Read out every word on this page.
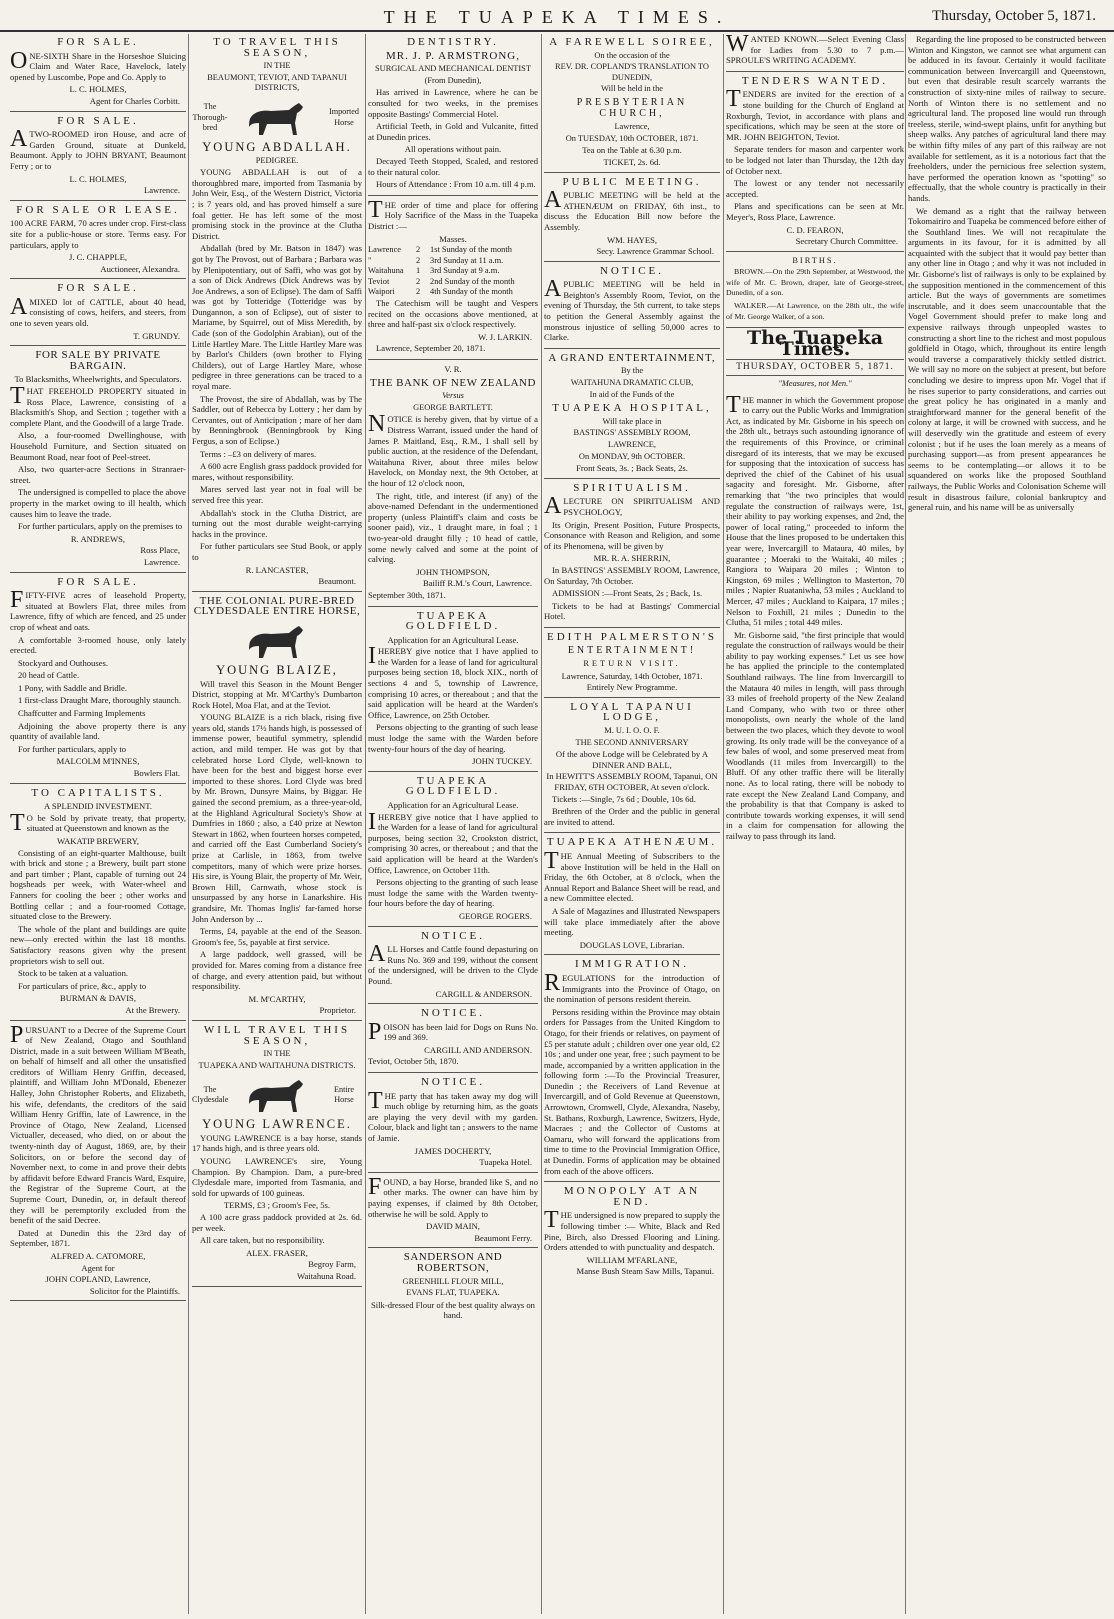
THE TUAPEKA TIMES.	Thursday, October 5, 1871.
FOR SALE.

ONE-SIXTH Share in the Horseshoe Sluicing Claim and Water Race, Havelock, lately opened by Luscombe, Pope and Co. Apply to

L. C. HOLMES,
Agent for Charles Corbitt.
FOR SALE.

ATWO-ROOMED iron House, and acre of Garden Ground, situate at Dunkeld, Beaumont. Apply to JOHN BRYANT, Beaumont Ferry ; or to

L. C. HOLMES,
Lawrence.
FOR SALE OR LEASE.

100 ACRE FARM, 70 acres under crop. First-class site for a public-house or store. Terms easy. For particulars, apply to

J. C. CHAPPLE,
Auctioneer, Alexandra.
FOR SALE.

AMIXED lot of CATTLE, about 40 head, consisting of cows, heifers, and steers, from one to seven years old.

T. GRUNDY.
FOR SALE BY PRIVATE BARGAIN.
To Blacksmiths, Wheelwrights, and Speculators.

THAT FREEHOLD PROPERTY situated in Ross Place, Lawrence, consisting of a Blacksmith's Shop, and Section ; together with a complete Plant, and the Goodwill of a large Trade.

Also, a four-roomed Dwellinghouse, with Household Furniture, and Section situated on Beaumont Road, near foot of Peel-street.

Also, two quarter-acre Sections in Stranraer-street.

The undersigned is compelled to place the above property in the market owing to ill health, which causes him to leave the trade.

For further particulars, apply on the premises to

R. ANDREWS,
Ross Place,
Lawrence.
FOR SALE.

FIFTY-FIVE acres of leasehold Property, situated at Bowlers Flat, three miles from Lawrence, fifty of which are fenced, and 25 under crop of wheat and oats.

A comfortable 3-roomed house, only lately erected.

Stockyard and Outhouses.

20 head of Cattle.

1 Pony, with Saddle and Bridle.

1 first-class Draught Mare, thoroughly staunch.

Chaffcutter and Farming Implements

Adjoining the above property there is any quantity of available land.

For further particulars, apply to

MALCOLM M'INNES,
Bowlers Flat.
TO CAPITALISTS.
A SPLENDID INVESTMENT.

TO be Sold by private treaty, that property, situated at Queenstown and known as the

WAKATIP BREWERY,

Consisting of an eight-quarter Malthouse, built with brick and stone ; a Brewery, built part stone and part timber ; Plant, capable of turning out 24 hogsheads per week, with Water-wheel and Fanners for cooling the beer ; other works and Bottling cellar ; and a four-roomed Cottage, situated close to the Brewery.

The whole of the plant and buildings are quite new—only erected within the last 18 months. Satisfactory reasons given why the present proprietors wish to sell out.

Stock to be taken at a valuation.

For particulars of price, &c., apply to

BURMAN & DAVIS,
At the Brewery.

PURSUANT to a Decree of the Supreme Court of New Zealand, Otago and Southland District, made in a suit between William M'Beath, on behalf of himself and all other the unsatisfied creditors of William Henry Griffin, deceased, plaintiff, and William John M'Donald, Ebenezer Halley, John Christopher Roberts, and Elizabeth, his wife, defendants, the creditors of the said William Henry Griffin, late of Lawrence, in the Province of Otago, New Zealand, Licensed Victualler, deceased, who died, on or about the twenty-ninth day of August, 1869, are, by their Solicitors, on or before the second day of November next, to come in and prove their debts by affidavit before Edward Francis Ward, Esquire, the Registrar of the Supreme Court, at the Supreme Court, Dunedin, or, in default thereof they will be peremptorily excluded from the benefit of the said Decree.

Dated at Dunedin this the 23rd day of September, 1871.

ALFRED A. CATOMORE,
Agent for
JOHN COPLAND, Lawrence,
Solicitor for the Plaintiffs.
TO TRAVEL THIS SEASON,
IN THE
BEAUMONT, TEVIOT, AND TAPANUI DISTRICTS,
The Thorough-bred
Imported Horse
YOUNG ABDALLAH.
PEDIGREE.

YOUNG ABDALLAH is out of a thoroughbred mare, imported from Tasmania by John Weir, Esq., of the Western District, Victoria ; is 7 years old, and has proved himself a sure foal getter. He has left some of the most promising stock in the province at the Clutha District.

Abdallah (bred by Mr. Batson in 1847) was got by The Provost, out of Barbara ; Barbara was by Plenipotentiary, out of Saffi, who was got by a son of Dick Andrews (Dick Andrews was by Joe Andrews, a son of Eclipse). The dam of Saffi was got by Totteridge (Totteridge was by Dungannon, a son of Eclipse), out of sister to Mariame, by Squirrel, out of Miss Meredith, by Cade (son of the Godolphin Arabian), out of the Little Hartley Mare. The Little Hartley Mare was by Barlot's Childers (own brother to Flying Childers), out of Large Hartley Mare, whose pedigree in three generations can be traced to a royal mare.

The Provost, the sire of Abdallah, was by The Saddler, out of Rebecca by Lottery ; her dam by Cervantes, out of Anticipation ; mare of her dam by Benningbrook (Benningbrook by King Fergus, a son of Eclipse.)

Terms : –£3 on delivery of mares.

A 600 acre English grass paddock provided for mares, without responsibility.

Mares served last year not in foal will be served free this year.

Abdallah's stock in the Clutha District, are turning out the most durable weight-carrying hacks in the province.

For futher particulars see Stud Book, or apply to

R. LANCASTER,
Beaumont.
THE COLONIAL PURE-BRED CLYDESDALE ENTIRE HORSE,
YOUNG BLAIZE,

Will travel this Season in the Mount Benger District, stopping at Mr. M'Carthy's Dumbarton Rock Hotel, Moa Flat, and at the Teviot.

YOUNG BLAIZE is a rich black, rising five years old, stands 17½ hands high, is possessed of immense power, beautiful symmetry, splendid action, and mild temper. He was got by that celebrated horse Lord Clyde, well-known to have been for the best and biggest horse ever imported to these shores. Lord Clyde was bred by Mr. Brown, Dunsyre Mains, by Biggar. He gained the second premium, as a three-year-old, at the Highland Agricultural Society's Show at Dumfries in 1860 ; also, a £40 prize at Newton Stewart in 1862, when fourteen horses competed, and carried off the East Cumberland Society's prize at Carlisle, in 1863, from twelve competitors, many of which were prize horses. His sire, is Young Blair, the property of Mr. Weir, Brown Hill, Carnwath, whose stock is unsurpassed by any horse in Lanarkshire. His grandsire, Mr. Thomas Inglis' far-famed horse John Anderson by ...

Terms, £4, payable at the end of the Season. Groom's fee, 5s, payable at first service.

A large paddock, well grassed, will be provided for. Mares coming from a distance free of charge, and every attention paid, but without responsibility.

M. M'CARTHY,
Proprietor.
WILL TRAVEL THIS SEASON,
IN THE
TUAPEKA AND WAITAHUNA DISTRICTS.
The Clydesdale
Entire Horse
YOUNG LAWRENCE.

YOUNG LAWRENCE is a bay horse, stands 17 hands high, and is three years old.

YOUNG LAWRENCE's sire, Young Champion. By Champion. Dam, a pure-bred Clydesdale mare, imported from Tasmania, and sold for upwards of 100 guineas.

TERMS, £3 ; Groom's Fee, 5s.

A 100 acre grass paddock provided at 2s. 6d. per week.

All care taken, but no responsibility.

ALEX. FRASER,
Begroy Farm,
Waitahuna Road.
DENTISTRY.
MR. J. P. ARMSTRONG,
SURGICAL AND MECHANICAL DENTIST
(From Dunedin),

Has arrived in Lawrence, where he can be consulted for two weeks, in the premises opposite Bastings' Commercial Hotel.

Artificial Teeth, in Gold and Vulcanite, fitted at Dunedin prices.

All operations without pain.

Decayed Teeth Stopped, Scaled, and restored to their natural color.

Hours of Attendance : From 10 a.m. till 4 p.m.

THE order of time and place for offering Holy Sacrifice of the Mass in the Tuapeka District :—

Masses.
Lawrence	2	1st Sunday of the month
"	2	3rd Sunday at 11 a.m.
Waitahuna	1	3rd Sunday at 9 a.m.
Teviot	2	2nd Sunday of the month
Waipori	2	4th Sunday of the month

The Catechism will be taught and Vespers recited on the occasions above mentioned, at three and half-past six o'clock respectively.

W. J. LARKIN.

Lawrence, September 20, 1871.

V. R.
THE BANK OF NEW ZEALAND
Versus
GEORGE BARTLETT.

NOTICE is hereby given, that by virtue of a Distress Warrant, issued under the hand of James P. Maitland, Esq., R.M., I shall sell by public auction, at the residence of the Defendant, Waitahuna River, about three miles below Havelock, on Monday next, the 9th October, at the hour of 12 o'clock noon,

The right, title, and interest (if any) of the above-named Defendant in the undermentioned property (unless Plaintiff's claim and costs be sooner paid), viz., 1 draught mare, in foal ; 1 two-year-old draught filly ; 10 head of cattle, some newly calved and some at the point of calving.

JOHN THOMPSON,
Bailiff R.M.'s Court, Lawrence.

September 30th, 1871.

TUAPEKA GOLDFIELD.
Application for an Agricultural Lease.

IHEREBY give notice that I have applied to the Warden for a lease of land for agricultural purposes being section 18, block XIX., north of sections 4 and 5, township of Lawrence, comprising 10 acres, or thereabout ; and that the said application will be heard at the Warden's Office, Lawrence, on 25th October.

Persons objecting to the granting of such lease must lodge the same with the Warden before twenty-four hours of the day of hearing.

JOHN TUCKEY.
TUAPEKA GOLDFIELD.
Application for an Agricultural Lease.

IHEREBY give notice that I have applied to the Warden for a lease of land for agricultural purposes, being section 32, Crookston district, comprising 30 acres, or thereabout ; and that the said application will be heard at the Warden's Office, Lawrence, on October 11th.

Persons objecting to the granting of such lease must lodge the same with the Warden twenty-four hours before the day of hearing.

GEORGE ROGERS.
NOTICE.

ALL Horses and Cattle found depasturing on Runs No. 369 and 199, without the consent of the undersigned, will be driven to the Clyde Pound.

CARGILL & ANDERSON.
NOTICE.

POISON has been laid for Dogs on Runs No. 199 and 369.

CARGILL AND ANDERSON.

Teviot, October 5th, 1870.

NOTICE.

THE party that has taken away my dog will much oblige by returning him, as the goats are playing the very devil with my garden. Colour, black and light tan ; answers to the name of Jamie.

JAMES DOCHERTY,
Tuapeka Hotel.

FOUND, a bay Horse, branded like S, and no other marks. The owner can have him by paying expenses, if claimed by 8th October, otherwise he will be sold. Apply to

DAVID MAIN,
Beaumont Ferry.
SANDERSON AND ROBERTSON,
GREENHILL FLOUR MILL,
EVANS FLAT, TUAPEKA.
Silk-dressed Flour of the best quality always on hand.
A FAREWELL SOIREE,
On the occasion of the
REV. DR. COPLAND'S TRANSLATION TO DUNEDIN,
Will be held in the
PRESBYTERIAN CHURCH,
Lawrence,
On TUESDAY, 10th OCTOBER, 1871.
Tea on the Table at 6.30 p.m.
TICKET, 2s. 6d.
PUBLIC MEETING.

APUBLIC MEETING will be held at the ATHENÆUM on FRIDAY, 6th inst., to discuss the Education Bill now before the Assembly.

WM. HAYES,
Secy. Lawrence Grammar School.
NOTICE.

APUBLIC MEETING will be held in Beighton's Assembly Room, Teviot, on the evening of Thursday, the 5th current, to take steps to petition the General Assembly against the monstrous injustice of selling 50,000 acres to Clarke.

A GRAND ENTERTAINMENT,
By the
WAITAHUNA DRAMATIC CLUB,
In aid of the Funds of the
TUAPEKA HOSPITAL,
Will take place in
BASTINGS' ASSEMBLY ROOM,
LAWRENCE,
On MONDAY, 9th OCTOBER.
Front Seats, 3s. ; Back Seats, 2s.
SPIRITUALISM.

ALECTURE ON SPIRITUALISM AND PSYCHOLOGY,

Its Origin, Present Position, Future Prospects, Consonance with Reason and Religion, and some of its Phenomena, will be given by

MR. R. A. SHERRIN,

In BASTINGS' ASSEMBLY ROOM, Lawrence, On Saturday, 7th October.

ADMISSION :—Front Seats, 2s ; Back, 1s.

Tickets to be had at Bastings' Commercial Hotel.

EDITH PALMERSTON'S
ENTERTAINMENT!
RETURN VISIT.
Lawrence, Saturday, 14th October, 1871.
Entirely New Programme.
LOYAL TAPANUI LODGE,
M. U. I. O. O. F.
THE SECOND ANNIVERSARY
Of the above Lodge will be Celebrated by A DINNER AND BALL,
In HEWITT'S ASSEMBLY ROOM, Tapanui, ON FRIDAY, 6TH OCTOBER, At seven o'clock.

Tickets :—Single, 7s 6d ; Double, 10s 6d.

Brethren of the Order and the public in general are invited to attend.

TUAPEKA ATHENÆUM.

THE Annual Meeting of Subscribers to the above Institution will be held in the Hall on Friday, the 6th October, at 8 o'clock, when the Annual Report and Balance Sheet will be read, and a new Committee elected.

A Sale of Magazines and Illustrated Newspapers will take place immediately after the above meeting.

DOUGLAS LOVE, Librarian.
IMMIGRATION.

REGULATIONS for the introduction of Immigrants into the Province of Otago, on the nomination of persons resident therein.

Persons residing within the Province may obtain orders for Passages from the United Kingdom to Otago, for their friends or relatives, on payment of £5 per statute adult ; children over one year old, £2 10s ; and under one year, free ; such payment to be made, accompanied by a written application in the following form :—To the Provincial Treasurer, Dunedin ; the Receivers of Land Revenue at Invercargill, and of Gold Revenue at Queenstown, Arrowtown, Cromwell, Clyde, Alexandra, Naseby, St. Bathans, Roxburgh, Lawrence, Switzers, Hyde, Macraes ; and the Collector of Customs at Oamaru, who will forward the applications from time to time to the Provincial Immigration Office, at Dunedin. Forms of application may be obtained from each of the above officers.

MONOPOLY AT AN END.

THE undersigned is now prepared to supply the following timber :— White, Black and Red Pine, Birch, also Dressed Flooring and Lining. Orders attended to with punctuality and despatch.

WILLIAM M'FARLANE,
Manse Bush Steam Saw Mills, Tapanui.

WANTED KNOWN.—Select Evening Class for Ladies from 5.30 to 7 p.m.—SPROULE'S WRITING ACADEMY.

TENDERS WANTED.

TENDERS are invited for the erection of a stone building for the Church of England at Roxburgh, Teviot, in accordance with plans and specifications, which may be seen at the store of MR. JOHN BEIGHTON, Teviot.

Separate tenders for mason and carpenter work to be lodged not later than Thursday, the 12th day of October next.

The lowest or any tender not necessarily accepted.

Plans and specifications can be seen at Mr. Meyer's, Ross Place, Lawrence.

C. D. FEARON,
Secretary Church Committee.
BIRTHS.

BROWN.—On the 29th September, at Westwood, the wife of Mr. C. Brown, draper, late of George-street, Dunedin, of a son.

WALKER.—At Lawrence, on the 28th ult., the wife of Mr. George Walker, of a son.

The Tuapeka Times.
THURSDAY, OCTOBER 5, 1871.
"Measures, not Men."

THE manner in which the Government propose to carry out the Public Works and Immigration Act, as indicated by Mr. Gisborne in his speech on the 28th ult., betrays such astounding ignorance of the requirements of this Province, or criminal disregard of its interests, that we may be excused for supposing that the intoxication of success has deprived the chief of the Cabinet of his usual sagacity and foresight. Mr. Gisborne, after remarking that "the two principles that would regulate the construction of railways were, 1st, their ability to pay working expenses, and 2nd, the power of local rating," proceeded to inform the House that the lines proposed to be undertaken this year were, Invercargill to Mataura, 40 miles, by guarantee ; Moeraki to the Waitaki, 40 miles ; Rangiora to Waipara 20 miles ; Winton to Kingston, 69 miles ; Wellington to Masterton, 70 miles ; Napier Ruataniwha, 53 miles ; Auckland to Mercer, 47 miles ; Auckland to Kaipara, 17 miles ; Nelson to Foxhill, 21 miles ; Dunedin to the Clutha, 51 miles ; total 449 miles.

Mr. Gisborne said, "the first principle that would regulate the construction of railways would be their ability to pay working expenses." Let us see how he has applied the principle to the contemplated Southland railways. The line from Invercargill to the Mataura 40 miles in length, will pass through 33 miles of freehold property of the New Zealand Land Company, who with two or three other monopolists, own nearly the whole of the land between the two places, which they devote to wool growing. Its only trade will be the conveyance of a few bales of wool, and some preserved meat from Woodlands (11 miles from Invercargill) to the Bluff. Of any other traffic there will be literally none. As to local rating, there will be nobody to rate except the New Zealand Land Company, and the probability is that that Company is asked to contribute towards working expenses, it will send in a claim for compensation for allowing the railway to pass through its land.

Regarding the line proposed to be constructed between Winton and Kingston, we cannot see what argument can be adduced in its favour. Certainly it would facilitate communication between Invercargill and Queenstown, but even that desirable result scarcely warrants the construction of sixty-nine miles of railway to secure. North of Winton there is no settlement and no agricultural land. The proposed line would run through treeless, sterile, wind-swept plains, unfit for anything but sheep walks. Any patches of agricultural land there may be within fifty miles of any part of this railway are not available for settlement, as it is a notorious fact that the freeholders, under the pernicious free selection system, have performed the operation known as "spotting" so effectually, that the whole country is practically in their hands.

We demand as a right that the railway between Tokomairiro and Tuapeka be commenced before either of the Southland lines. We will not recapitulate the arguments in its favour, for it is admitted by all acquainted with the subject that it would pay better than any other line in Otago ; and why it was not included in Mr. Gisborne's list of railways is only to be explained by the supposition mentioned in the commencement of this article. But the ways of governments are sometimes inscrutable, and it does seem unaccountable that the Vogel Government should prefer to make long and expensive railways through unpeopled wastes to constructing a short line to the richest and most populous goldfield in Otago, which, throughout its entire length would traverse a comparatively thickly settled district. We will say no more on the subject at present, but before concluding we desire to impress upon Mr. Vogel that if he rises superior to party considerations, and carries out the great policy he has originated in a manly and straightforward manner for the general benefit of the colony at large, it will be crowned with success, and he will deservedly win the gratitude and esteem of every colonist ; but if he uses the loan merely as a means of purchasing support—as from present appearances he seems to be contemplating—or allows it to be squandered on works like the proposed Southland railways, the Public Works and Colonisation Scheme will result in disastrous failure, colonial bankruptcy and general ruin, and his name will be as universally
